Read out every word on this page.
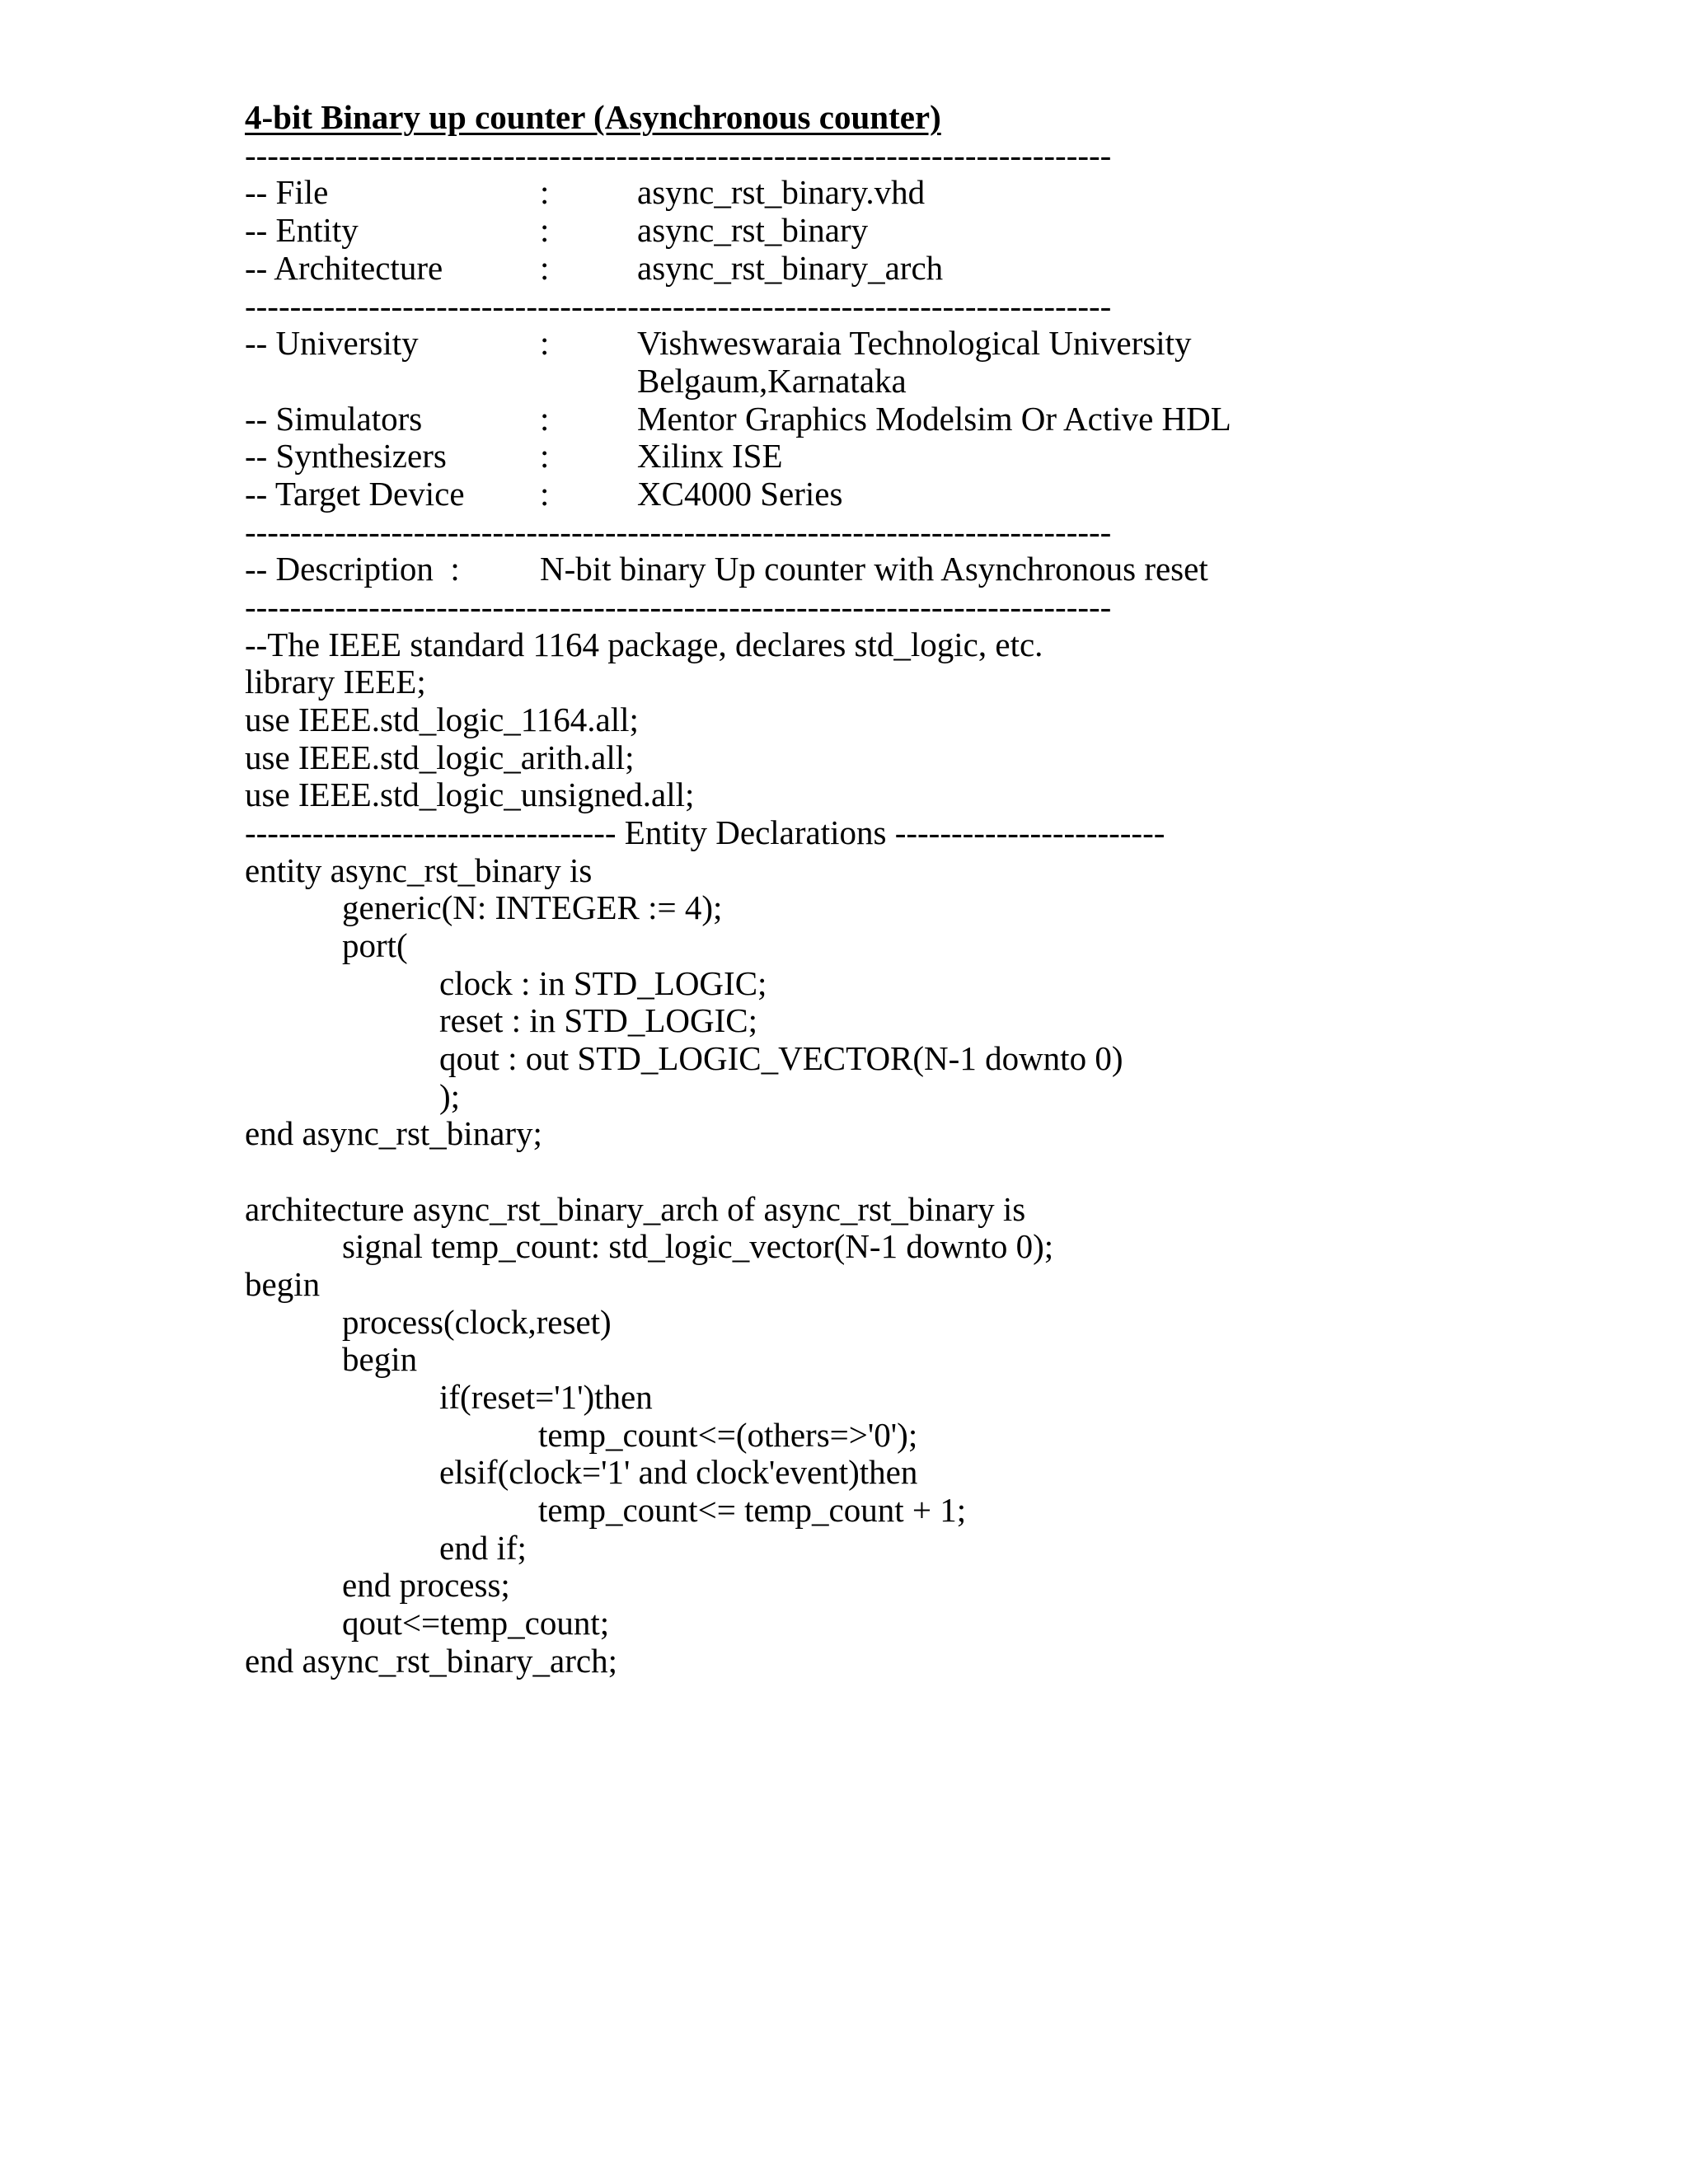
4-bit Binary up counter (Asynchronous counter)
-----------------------------------------------------------------------------
-- File	:	async_rst_binary.vhd
-- Entity	:	async_rst_binary
-- Architecture	:	async_rst_binary_arch
-----------------------------------------------------------------------------
-- University	:	Vishweswaraia Technological University
Belgaum,Karnataka
-- Simulators	:	Mentor Graphics Modelsim Or Active HDL
-- Synthesizers	:	Xilinx ISE
-- Target Device :	XC4000 Series
-----------------------------------------------------------------------------
-- Description  : N-bit binary Up counter with Asynchronous reset
-----------------------------------------------------------------------------
--The IEEE standard 1164 package, declares std_logic, etc.
library IEEE;
use IEEE.std_logic_1164.all;
use IEEE.std_logic_arith.all;
use IEEE.std_logic_unsigned.all;
--------------------------------- Entity Declarations ------------------------
entity async_rst_binary is
generic(N: INTEGER := 4);
port(
clock : in STD_LOGIC;
reset : in STD_LOGIC;
qout : out STD_LOGIC_VECTOR(N-1 downto 0)
);
end async_rst_binary;
architecture async_rst_binary_arch of async_rst_binary is
signal temp_count: std_logic_vector(N-1 downto 0);
begin
process(clock,reset)
begin
if(reset='1')then
temp_count<=(others=>'0');
elsif(clock='1' and clock'event)then
temp_count<= temp_count + 1;
end if;
end process;
qout<=temp_count;
end async_rst_binary_arch;
